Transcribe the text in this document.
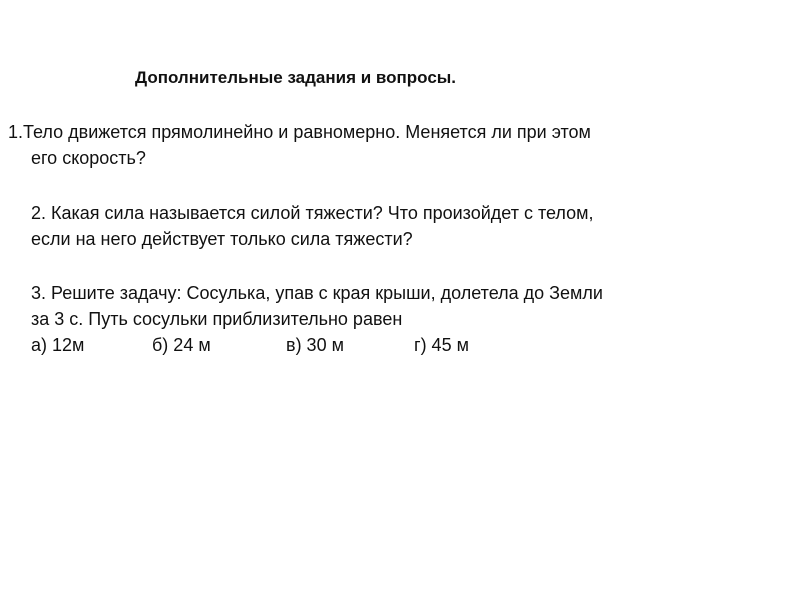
Дополнительные задания и вопросы.
1.Тело движется прямолинейно и равномерно. Меняется ли при этом
его скорость?
2. Какая сила называется силой тяжести? Что произойдет с телом,
если на него действует только сила тяжести?
3. Решите задачу: Сосулька, упав с края крыши, долетела до Земли
за 3 с. Путь сосульки приблизительно равен
а) 12м	б) 24 м	в) 30 м	г) 45 м
